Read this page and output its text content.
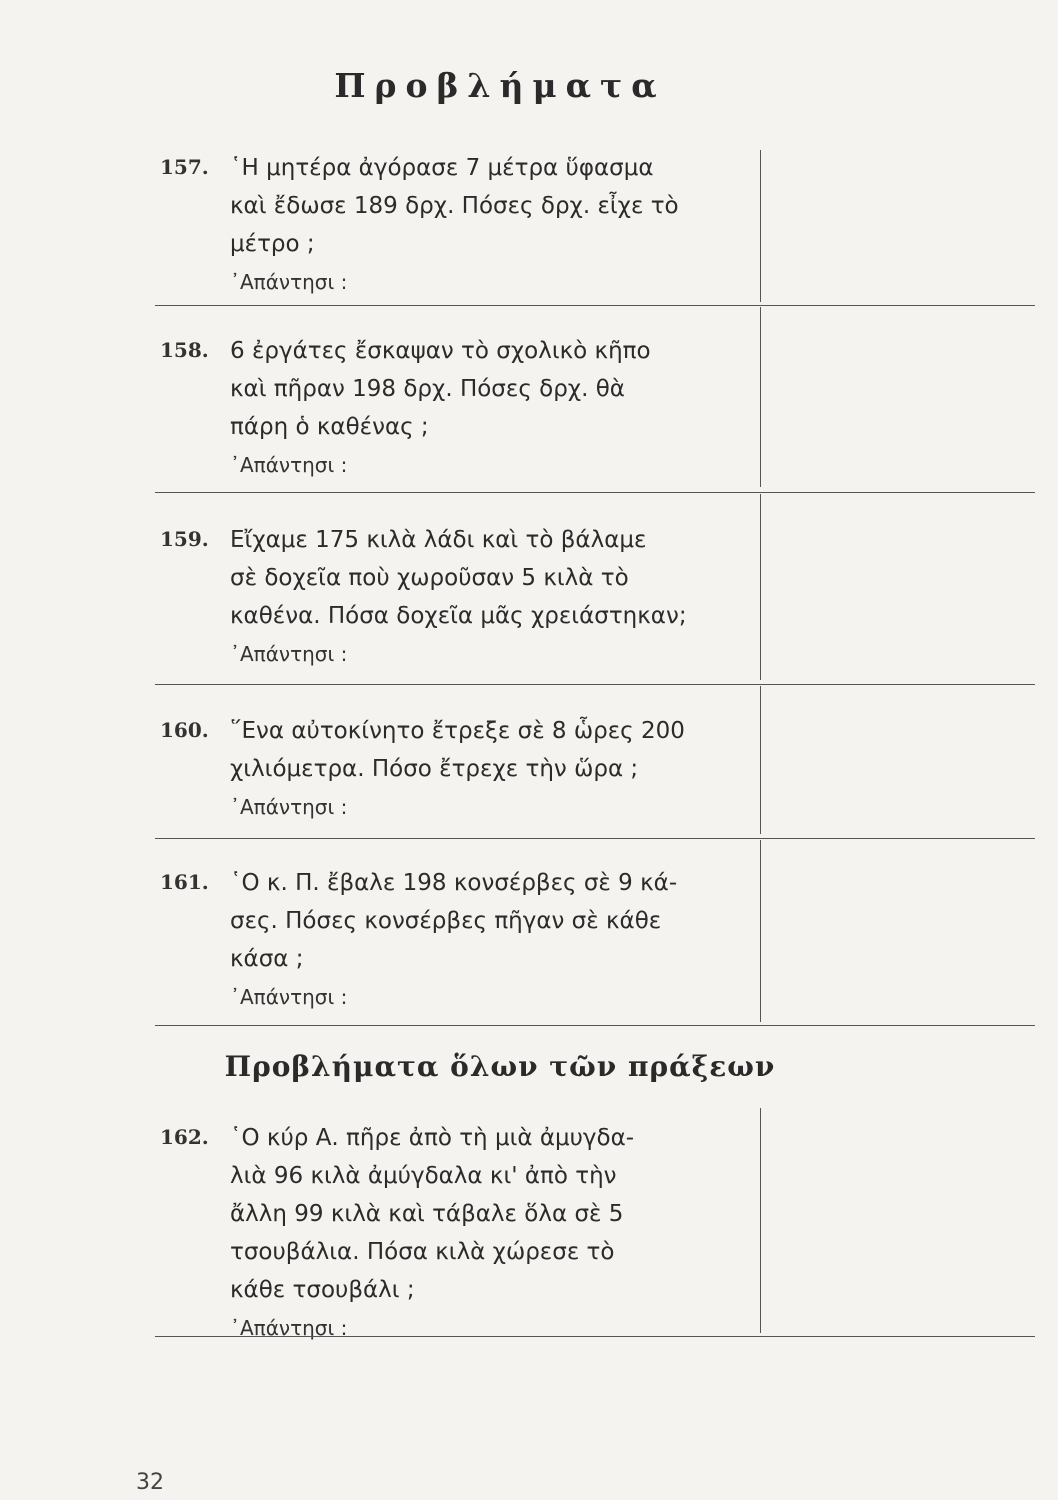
Προβλήματα
157. ῾Η μητέρα ἀγόρασε 7 μέτρα ὕφασμα
καὶ ἔδωσε 189 δρχ. Πόσες δρχ. εἶχε τὸ
μέτρο ;
᾿Απάντησι :
158. 6 ἐργάτες ἔσκαψαν τὸ σχολικὸ κῆπο
καὶ πῆραν 198 δρχ. Πόσες δρχ. θὰ
πάρη ὁ καθένας ;
᾿Απάντησι :
159. Εἴχαμε 175 κιλὰ λάδι καὶ τὸ βάλαμε
σὲ δοχεῖα ποὺ χωροῦσαν 5 κιλὰ τὸ
καθένα. Πόσα δοχεῖα μᾶς χρειάστηκαν;
᾿Απάντησι :
160. ῞Ενα αὐτοκίνητο ἔτρεξε σὲ 8 ὧρες 200
χιλιόμετρα. Πόσο ἔτρεχε τὴν ὥρα ;
᾿Απάντησι :
161. ῾Ο κ. Π. ἔβαλε 198 κονσέρβες σὲ 9 κά-
σες. Πόσες κονσέρβες πῆγαν σὲ κάθε
κάσα ;
᾿Απάντησι :
Προβλήματα ὅλων τῶν πράξεων
162. ῾Ο κύρ Α. πῆρε ἀπὸ τὴ μιὰ ἀμυγδα-
λιὰ 96 κιλὰ ἀμύγδαλα κι' ἀπὸ τὴν
ἄλλη 99 κιλὰ καὶ τάβαλε ὅλα σὲ 5
τσουβάλια. Πόσα κιλὰ χώρεσε τὸ
κάθε τσουβάλι ;
᾿Απάντησι :
32
